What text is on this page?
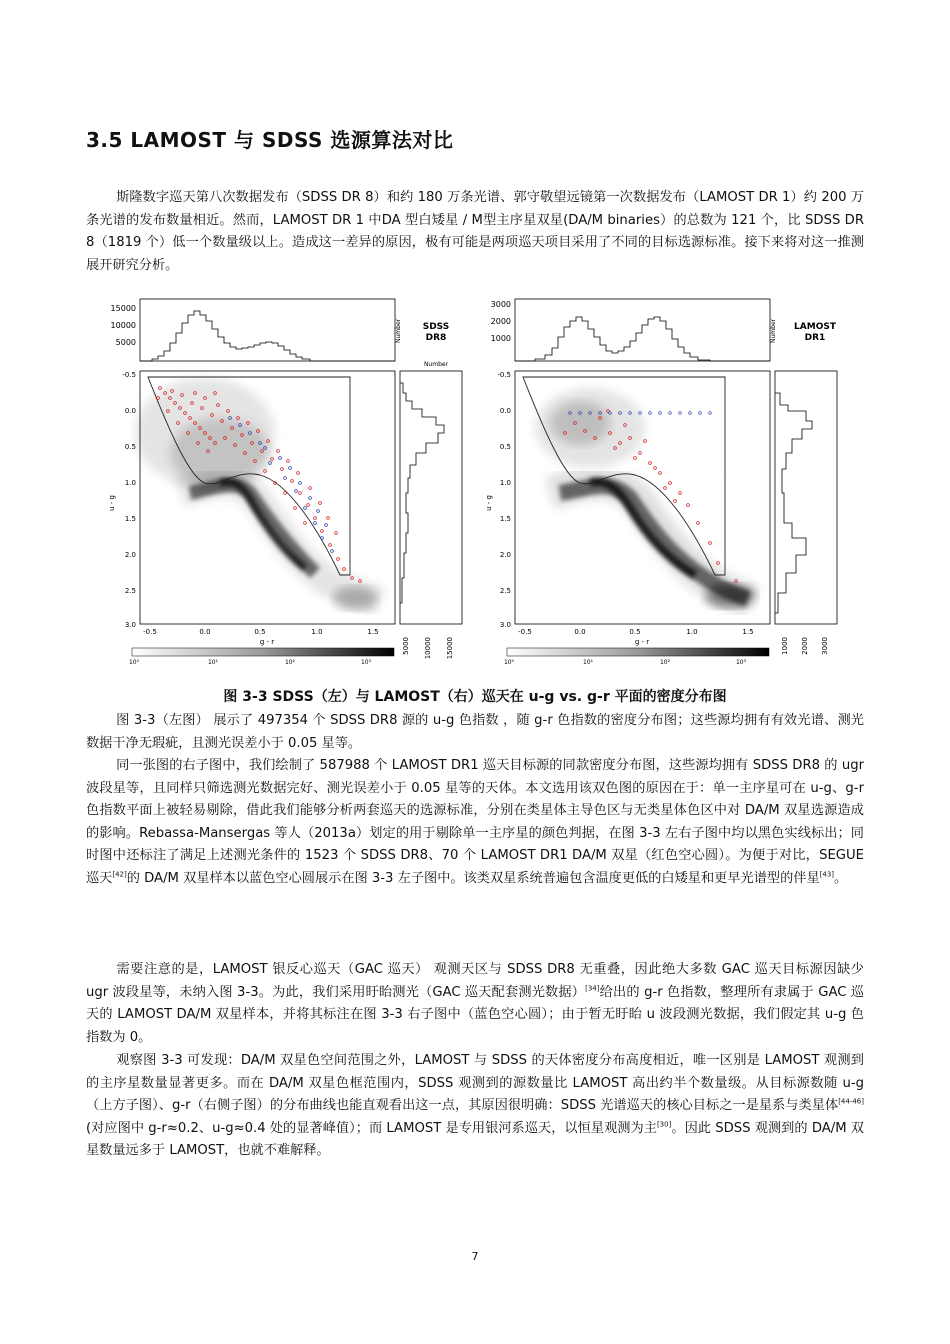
3.5 LAMOST 与 SDSS 选源算法对比
斯隆数字巡天第八次数据发布（SDSS DR 8）和约 180 万条光谱、郭守敬望远镜第一次数据发布（LAMOST DR 1）约 200 万条光谱的发布数量相近。然而，LAMOST DR 1 中DA 型白矮星 / M型主序星双星(DA/M binaries）的总数为 121 个，比 SDSS DR 8（1819 个）低一个数量级以上。造成这一差异的原因，极有可能是两项巡天项目采用了不同的目标选源标准。接下来将对这一推测展开研究分析。
15000
10000
5000	Number SDSS
DR8
Number
-0.5
0.0
0.5
1.0
1.5
2.0
2.5
3.0
u - g
-0.5	0.0	0.5	1.0	1.5
g - r	5000 10000 15000
10⁰	10¹	10²	10³
3000
2000
1000	Number LAMOST
DR1
-0.5
0.0
0.5
1.0
1.5
2.0
2.5
3.0
u - g
-0.5	0.0	0.5	1.0	1.5
g - r	1000 2000 3000
10⁰	10¹	10²	10³
图 3-3 SDSS（左）与 LAMOST（右）巡天在 u-g vs. g-r 平面的密度分布图
图 3-3（左图） 展示了 497354 个 SDSS DR8 源的 u-g 色指数 ，随 g-r 色指数的密度分布图；这些源均拥有有效光谱、测光数据干净无瑕疵，且测光误差小于 0.05 星等。
同一张图的右子图中，我们绘制了 587988 个 LAMOST DR1 巡天目标源的同款密度分布图，这些源均拥有 SDSS DR8 的 ugr 波段星等，且同样只筛选测光数据完好、测光误差小于 0.05 星等的天体。本文选用该双色图的原因在于：单一主序星可在 u-g、g-r 色指数平面上被轻易剔除，借此我们能够分析两套巡天的选源标准，分别在类星体主导色区与无类星体色区中对 DA/M 双星选源造成的影响。Rebassa-Mansergas 等人（2013a）划定的用于剔除单一主序星的颜色判据，在图 3-3 左右子图中均以黑色实线标出；同时图中还标注了满足上述测光条件的 1523 个 SDSS DR8、70 个 LAMOST DR1 DA/M 双星（红色空心圆）。为便于对比，SEGUE 巡天[42]的 DA/M 双星样本以蓝色空心圆展示在图 3-3 左子图中。该类双星系统普遍包含温度更低的白矮星和更早光谱型的伴星[43]。
需要注意的是，LAMOST 银反心巡天（GAC 巡天） 观测天区与 SDSS DR8 无重叠，因此绝大多数 GAC 巡天目标源因缺少 ugr 波段星等，未纳入图 3-3。为此，我们采用盱眙测光（GAC 巡天配套测光数据）[34]给出的 g-r 色指数，整理所有隶属于 GAC 巡天的 LAMOST DA/M 双星样本，并将其标注在图 3-3 右子图中（蓝色空心圆）；由于暂无盱眙 u 波段测光数据，我们假定其 u-g 色指数为 0。
观察图 3-3 可发现：DA/M 双星色空间范围之外，LAMOST 与 SDSS 的天体密度分布高度相近，唯一区别是 LAMOST 观测到的主序星数量显著更多。而在 DA/M 双星色框范围内，SDSS 观测到的源数量比 LAMOST 高出约半个数量级。从目标源数随 u-g（上方子图）、g-r（右侧子图）的分布曲线也能直观看出这一点，其原因很明确：SDSS 光谱巡天的核心目标之一是星系与类星体[44-46](对应图中 g-r≈0.2、u-g≈0.4 处的显著峰值）；而 LAMOST 是专用银河系巡天，以恒星观测为主[30]。因此 SDSS 观测到的 DA/M 双星数量远多于 LAMOST，也就不难解释。
7
